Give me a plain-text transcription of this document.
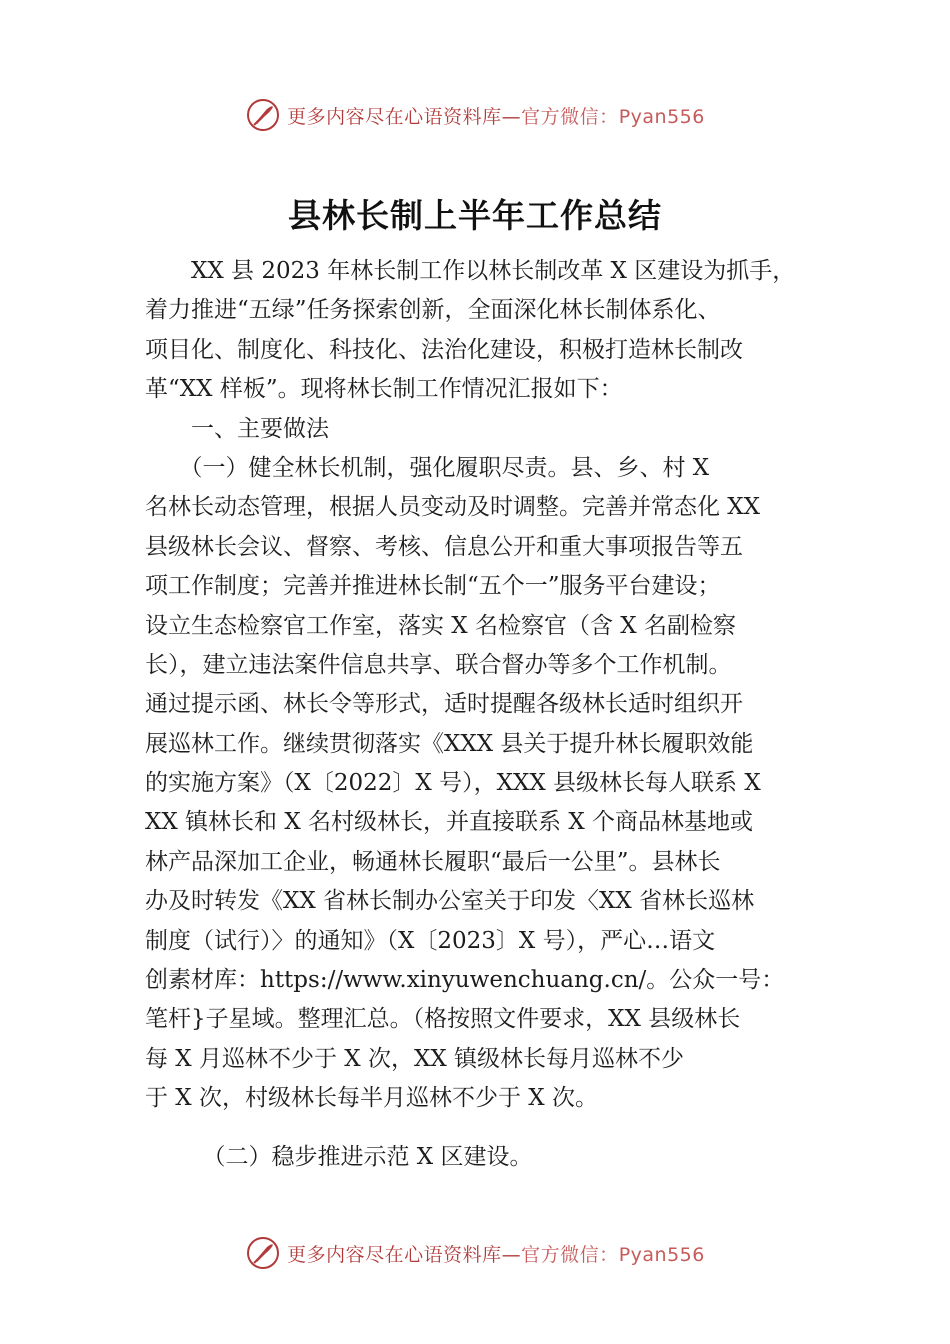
更多内容尽在心语资料库—官方微信：Pyan556
县林长制上半年工作总结
　　XX 县 2023 年林长制工作以林长制改革 X 区建设为抓手，
着力推进“五绿”任务探索创新，全面深化林长制体系化、
项目化、制度化、科技化、法治化建设，积极打造林长制改
革“XX 样板”。现将林长制工作情况汇报如下：
　　一、主要做法
　　（一）健全林长机制，强化履职尽责。县、乡、村 X
名林长动态管理，根据人员变动及时调整。完善并常态化 XX
县级林长会议、督察、考核、信息公开和重大事项报告等五
项工作制度；完善并推进林长制“五个一”服务平台建设；
设立生态检察官工作室，落实 X 名检察官（含 X 名副检察
长），建立违法案件信息共享、联合督办等多个工作机制。
通过提示函、林长令等形式，适时提醒各级林长适时组织开
展巡林工作。继续贯彻落实《XXX 县关于提升林长履职效能
的实施方案》（X〔2022〕X 号），XXX 县级林长每人联系 X
XX 镇林长和 X 名村级林长，并直接联系 X 个商品林基地或
林产品深加工企业，畅通林长履职“最后一公里”。县林长
办及时转发《XX 省林长制办公室关于印发〈XX 省林长巡林
制度（试行）〉的通知》（X〔2023〕X 号），严心…语文
创素材库：https://www.xinyuwenchuang.cn/。公众一号：
笔杆}子星域。整理汇总。（格按照文件要求，XX 县级林长
每 X 月巡林不少于 X 次，XX 镇级林长每月巡林不少
于 X 次，村级林长每半月巡林不少于 X 次。
　　　（二）稳步推进示范 X 区建设。
更多内容尽在心语资料库—官方微信：Pyan556
